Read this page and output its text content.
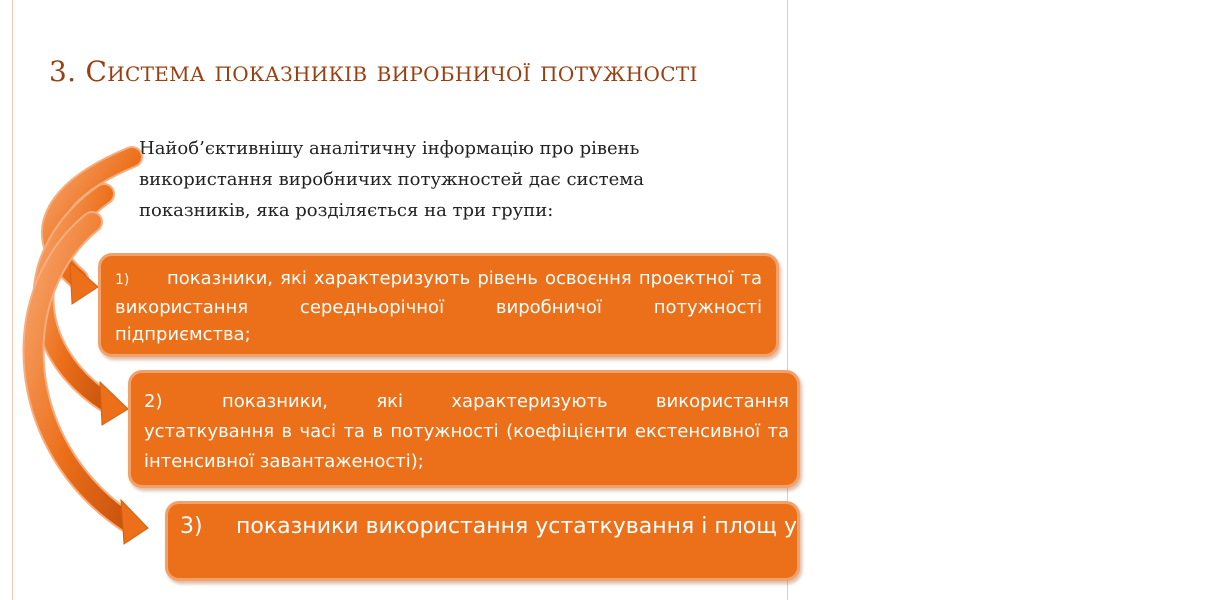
3. Система показників виробничої потужності
Найоб’єктивнішу аналітичну інформацію про рівень використання виробничих потужностей дає система показників, яка розділяється на три групи:
1) показники, які характеризують рівень освоєння проектної та використання середньорічної виробничої потужності підприємства;
2)	показники, які характеризують використання устаткування в часі та в потужності (коефіцієнти екстенсивної та інтенсивної завантаженості);
3) показники використання устаткування і площ у вартісних і натуральних вимірниках
